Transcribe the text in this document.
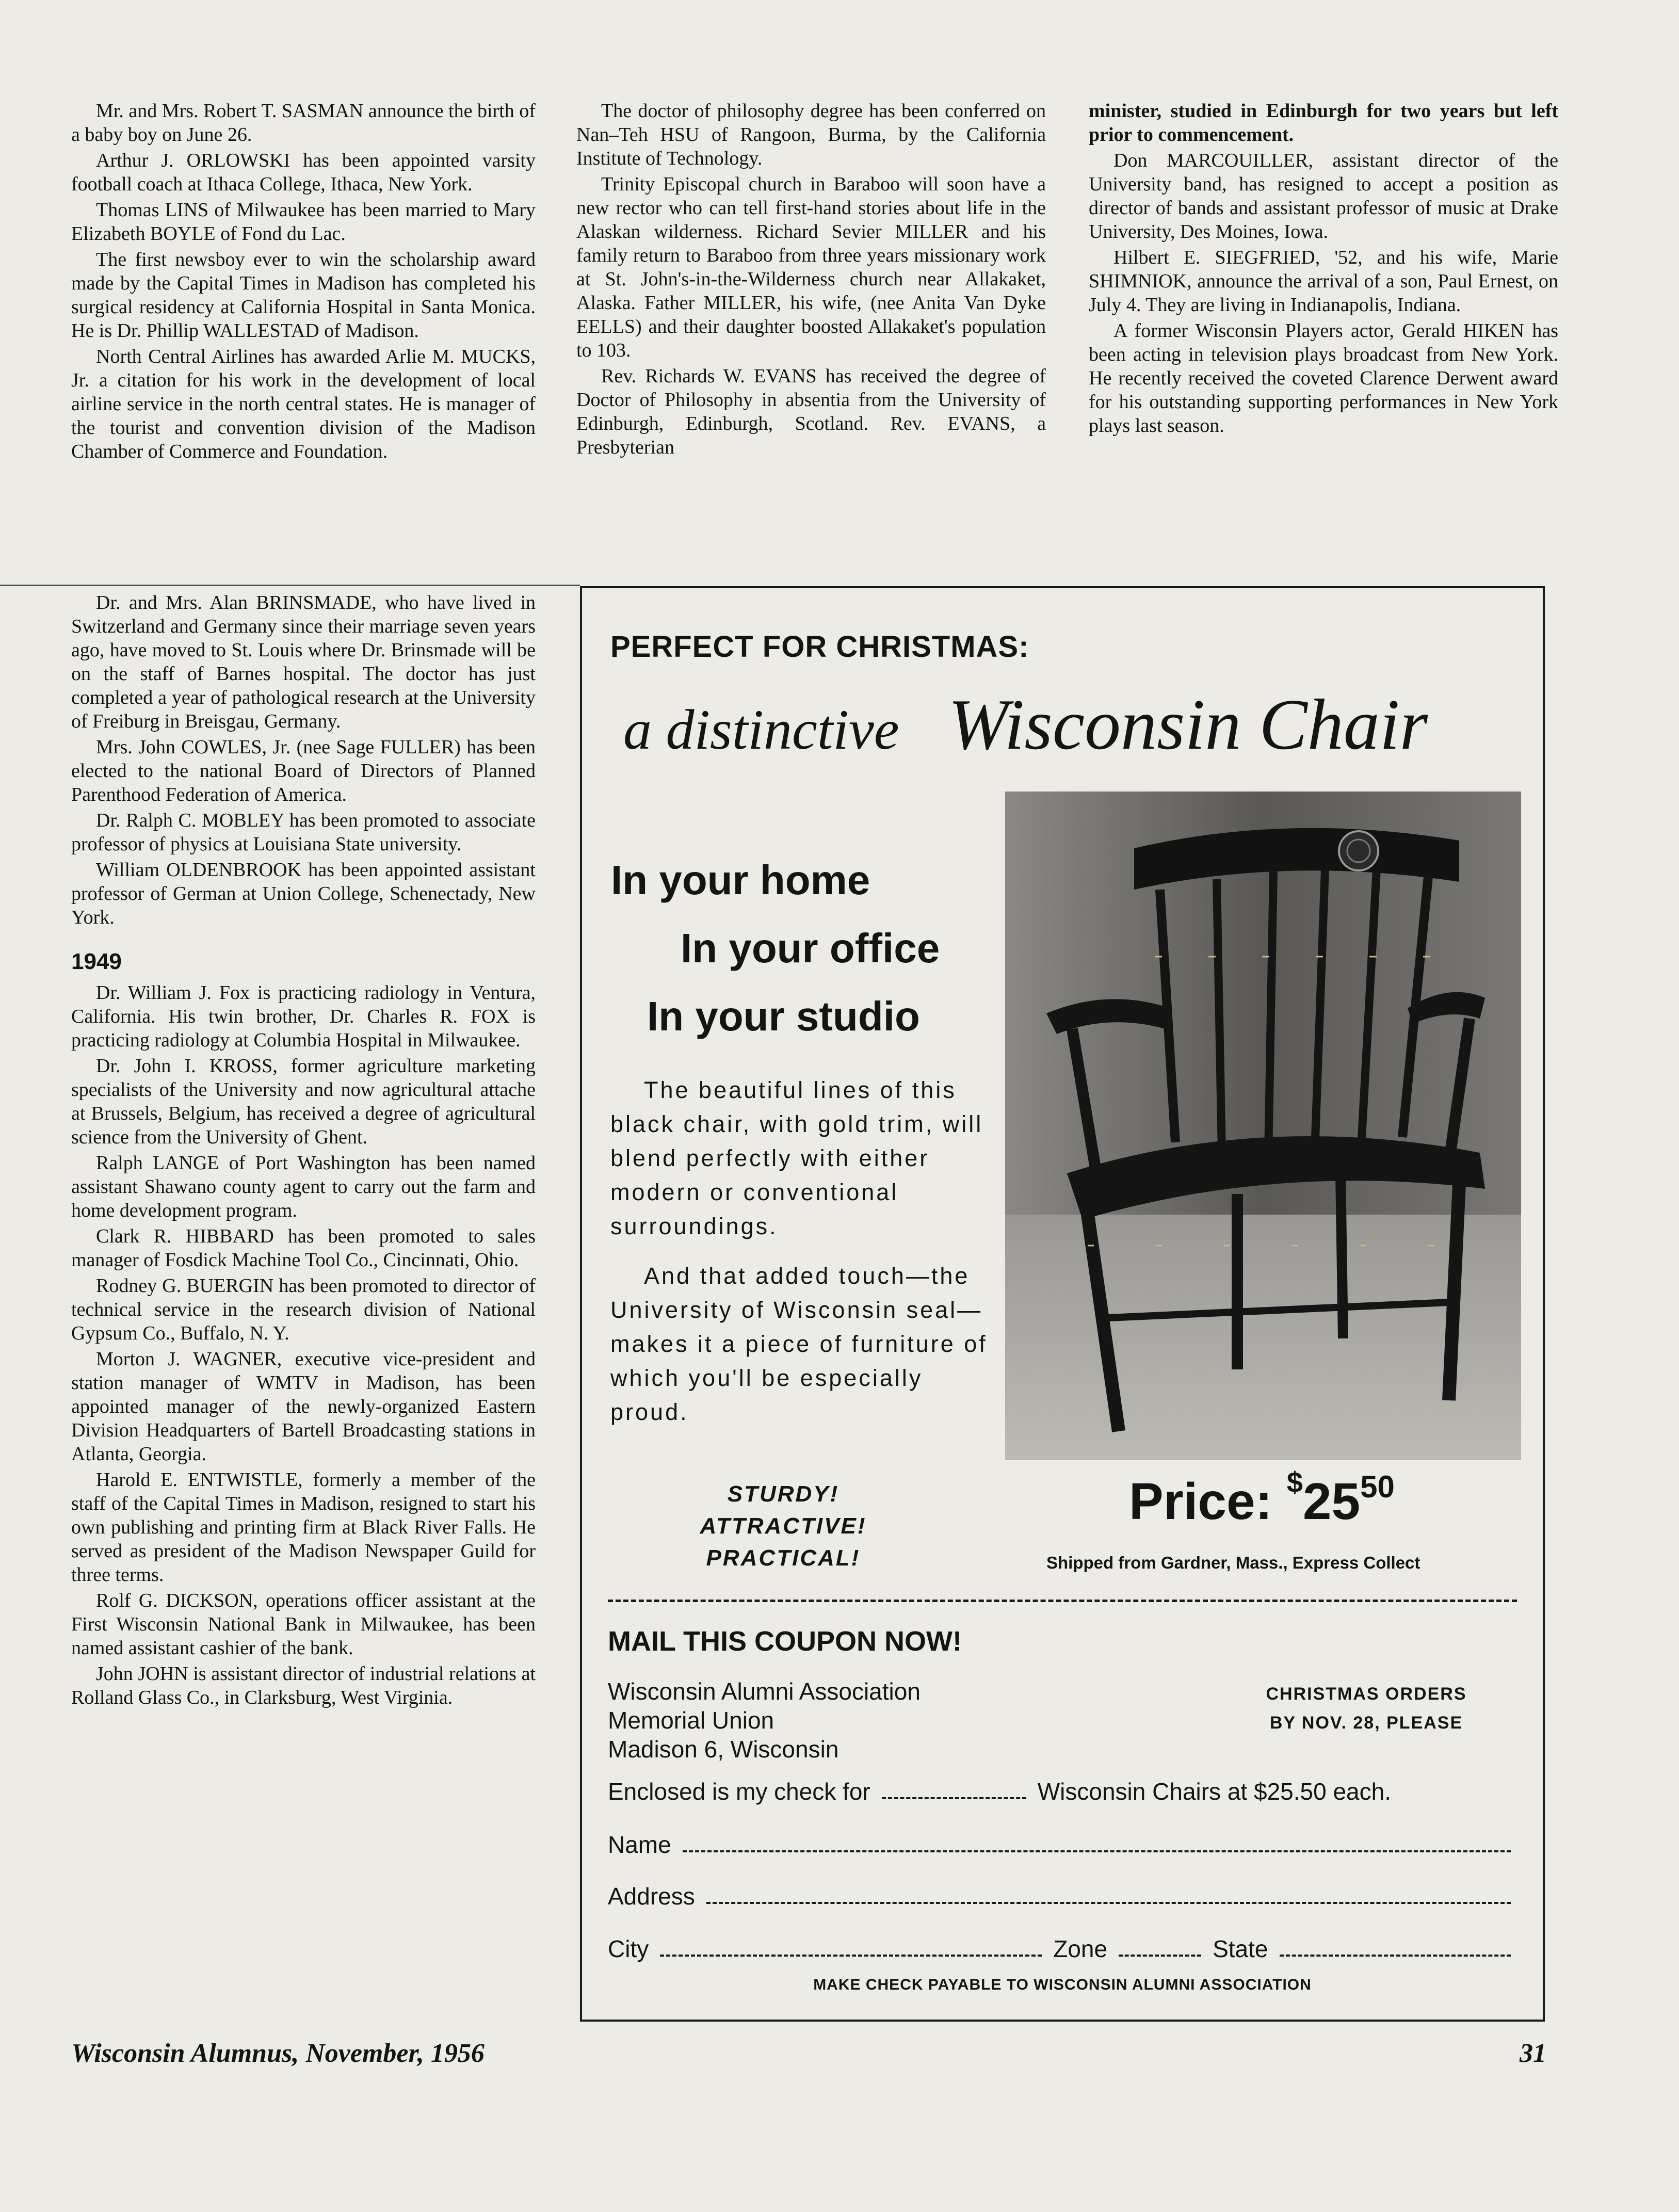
Mr. and Mrs. Robert T. SASMAN announce the birth of a baby boy on June 26.

Arthur J. ORLOWSKI has been appointed varsity football coach at Ithaca College, Ithaca, New York.

Thomas LINS of Milwaukee has been married to Mary Elizabeth BOYLE of Fond du Lac.

The first newsboy ever to win the scholarship award made by the Capital Times in Madison has completed his surgical residency at California Hospital in Santa Monica. He is Dr. Phillip WALLESTAD of Madison.

North Central Airlines has awarded Arlie M. MUCKS, Jr. a citation for his work in the development of local airline service in the north central states. He is manager of the tourist and convention division of the Madison Chamber of Commerce and Foundation.

Dr. and Mrs. Alan BRINSMADE, who have lived in Switzerland and Germany since their marriage seven years ago, have moved to St. Louis where Dr. Brinsmade will be on the staff of Barnes hospital. The doctor has just completed a year of pathological research at the University of Freiburg in Breisgau, Germany.

Mrs. John COWLES, Jr. (nee Sage FULLER) has been elected to the national Board of Directors of Planned Parenthood Federation of America.

Dr. Ralph C. MOBLEY has been promoted to associate professor of physics at Louisiana State university.

William OLDENBROOK has been appointed assistant professor of German at Union College, Schenectady, New York.

1949

Dr. William J. Fox is practicing radiology in Ventura, California. His twin brother, Dr. Charles R. FOX is practicing radiology at Columbia Hospital in Milwaukee.

Dr. John I. KROSS, former agriculture marketing specialists of the University and now agricultural attache at Brussels, Belgium, has received a degree of agricultural science from the University of Ghent.

Ralph LANGE of Port Washington has been named assistant Shawano county agent to carry out the farm and home development program.

Clark R. HIBBARD has been promoted to sales manager of Fosdick Machine Tool Co., Cincinnati, Ohio.

Rodney G. BUERGIN has been promoted to director of technical service in the research division of National Gypsum Co., Buffalo, N. Y.

Morton J. WAGNER, executive vice-president and station manager of WMTV in Madison, has been appointed manager of the newly-organized Eastern Division Headquarters of Bartell Broadcasting stations in Atlanta, Georgia.

Harold E. ENTWISTLE, formerly a member of the staff of the Capital Times in Madison, resigned to start his own publishing and printing firm at Black River Falls. He served as president of the Madison Newspaper Guild for three terms.

Rolf G. DICKSON, operations officer assistant at the First Wisconsin National Bank in Milwaukee, has been named assistant cashier of the bank.

John JOHN is assistant director of industrial relations at Rolland Glass Co., in Clarksburg, West Virginia.

The doctor of philosophy degree has been conferred on Nan–Teh HSU of Rangoon, Burma, by the California Institute of Technology.

Trinity Episcopal church in Baraboo will soon have a new rector who can tell first-hand stories about life in the Alaskan wilderness. Richard Sevier MILLER and his family return to Baraboo from three years missionary work at St. John's-in-the-Wilderness church near Allakaket, Alaska. Father MILLER, his wife, (nee Anita Van Dyke EELLS) and their daughter boosted Allakaket's population to 103.

Rev. Richards W. EVANS has received the degree of Doctor of Philosophy in absentia from the University of Edinburgh, Edinburgh, Scotland. Rev. EVANS, a Presbyterian

minister, studied in Edinburgh for two years but left prior to commencement.

Don MARCOUILLER, assistant director of the University band, has resigned to accept a position as director of bands and assistant professor of music at Drake University, Des Moines, Iowa.

Hilbert E. SIEGFRIED, '52, and his wife, Marie SHIMNIOK, announce the arrival of a son, Paul Ernest, on July 4. They are living in Indianapolis, Indiana.

A former Wisconsin Players actor, Gerald HIKEN has been acting in television plays broadcast from New York. He recently received the coveted Clarence Derwent award for his outstanding supporting performances in New York plays last season.

PERFECT FOR CHRISTMAS:
a distinctive Wisconsin Chair
In your home
In your office
In your studio
The beautiful lines of this black chair, with gold trim, will blend perfectly with either modern or conventional surroundings.
And that added touch—the University of Wisconsin seal—makes it a piece of furniture of which you'll be especially proud.
STURDY! ATTRACTIVE!
PRACTICAL!
Price: $^{\$}25^{50}$
Shipped from Gardner, Mass., Express Collect
MAIL THIS COUPON NOW!
Wisconsin Alumni Association
Memorial Union
Madison 6, Wisconsin
CHRISTMAS ORDERS
BY NOV. 28, PLEASE
Enclosed is my check for	Wisconsin Chairs at $25.50 each.
Name
Address
City	Zone	State
MAKE CHECK PAYABLE TO WISCONSIN ALUMNI ASSOCIATION
Wisconsin Alumnus, November, 1956	31
